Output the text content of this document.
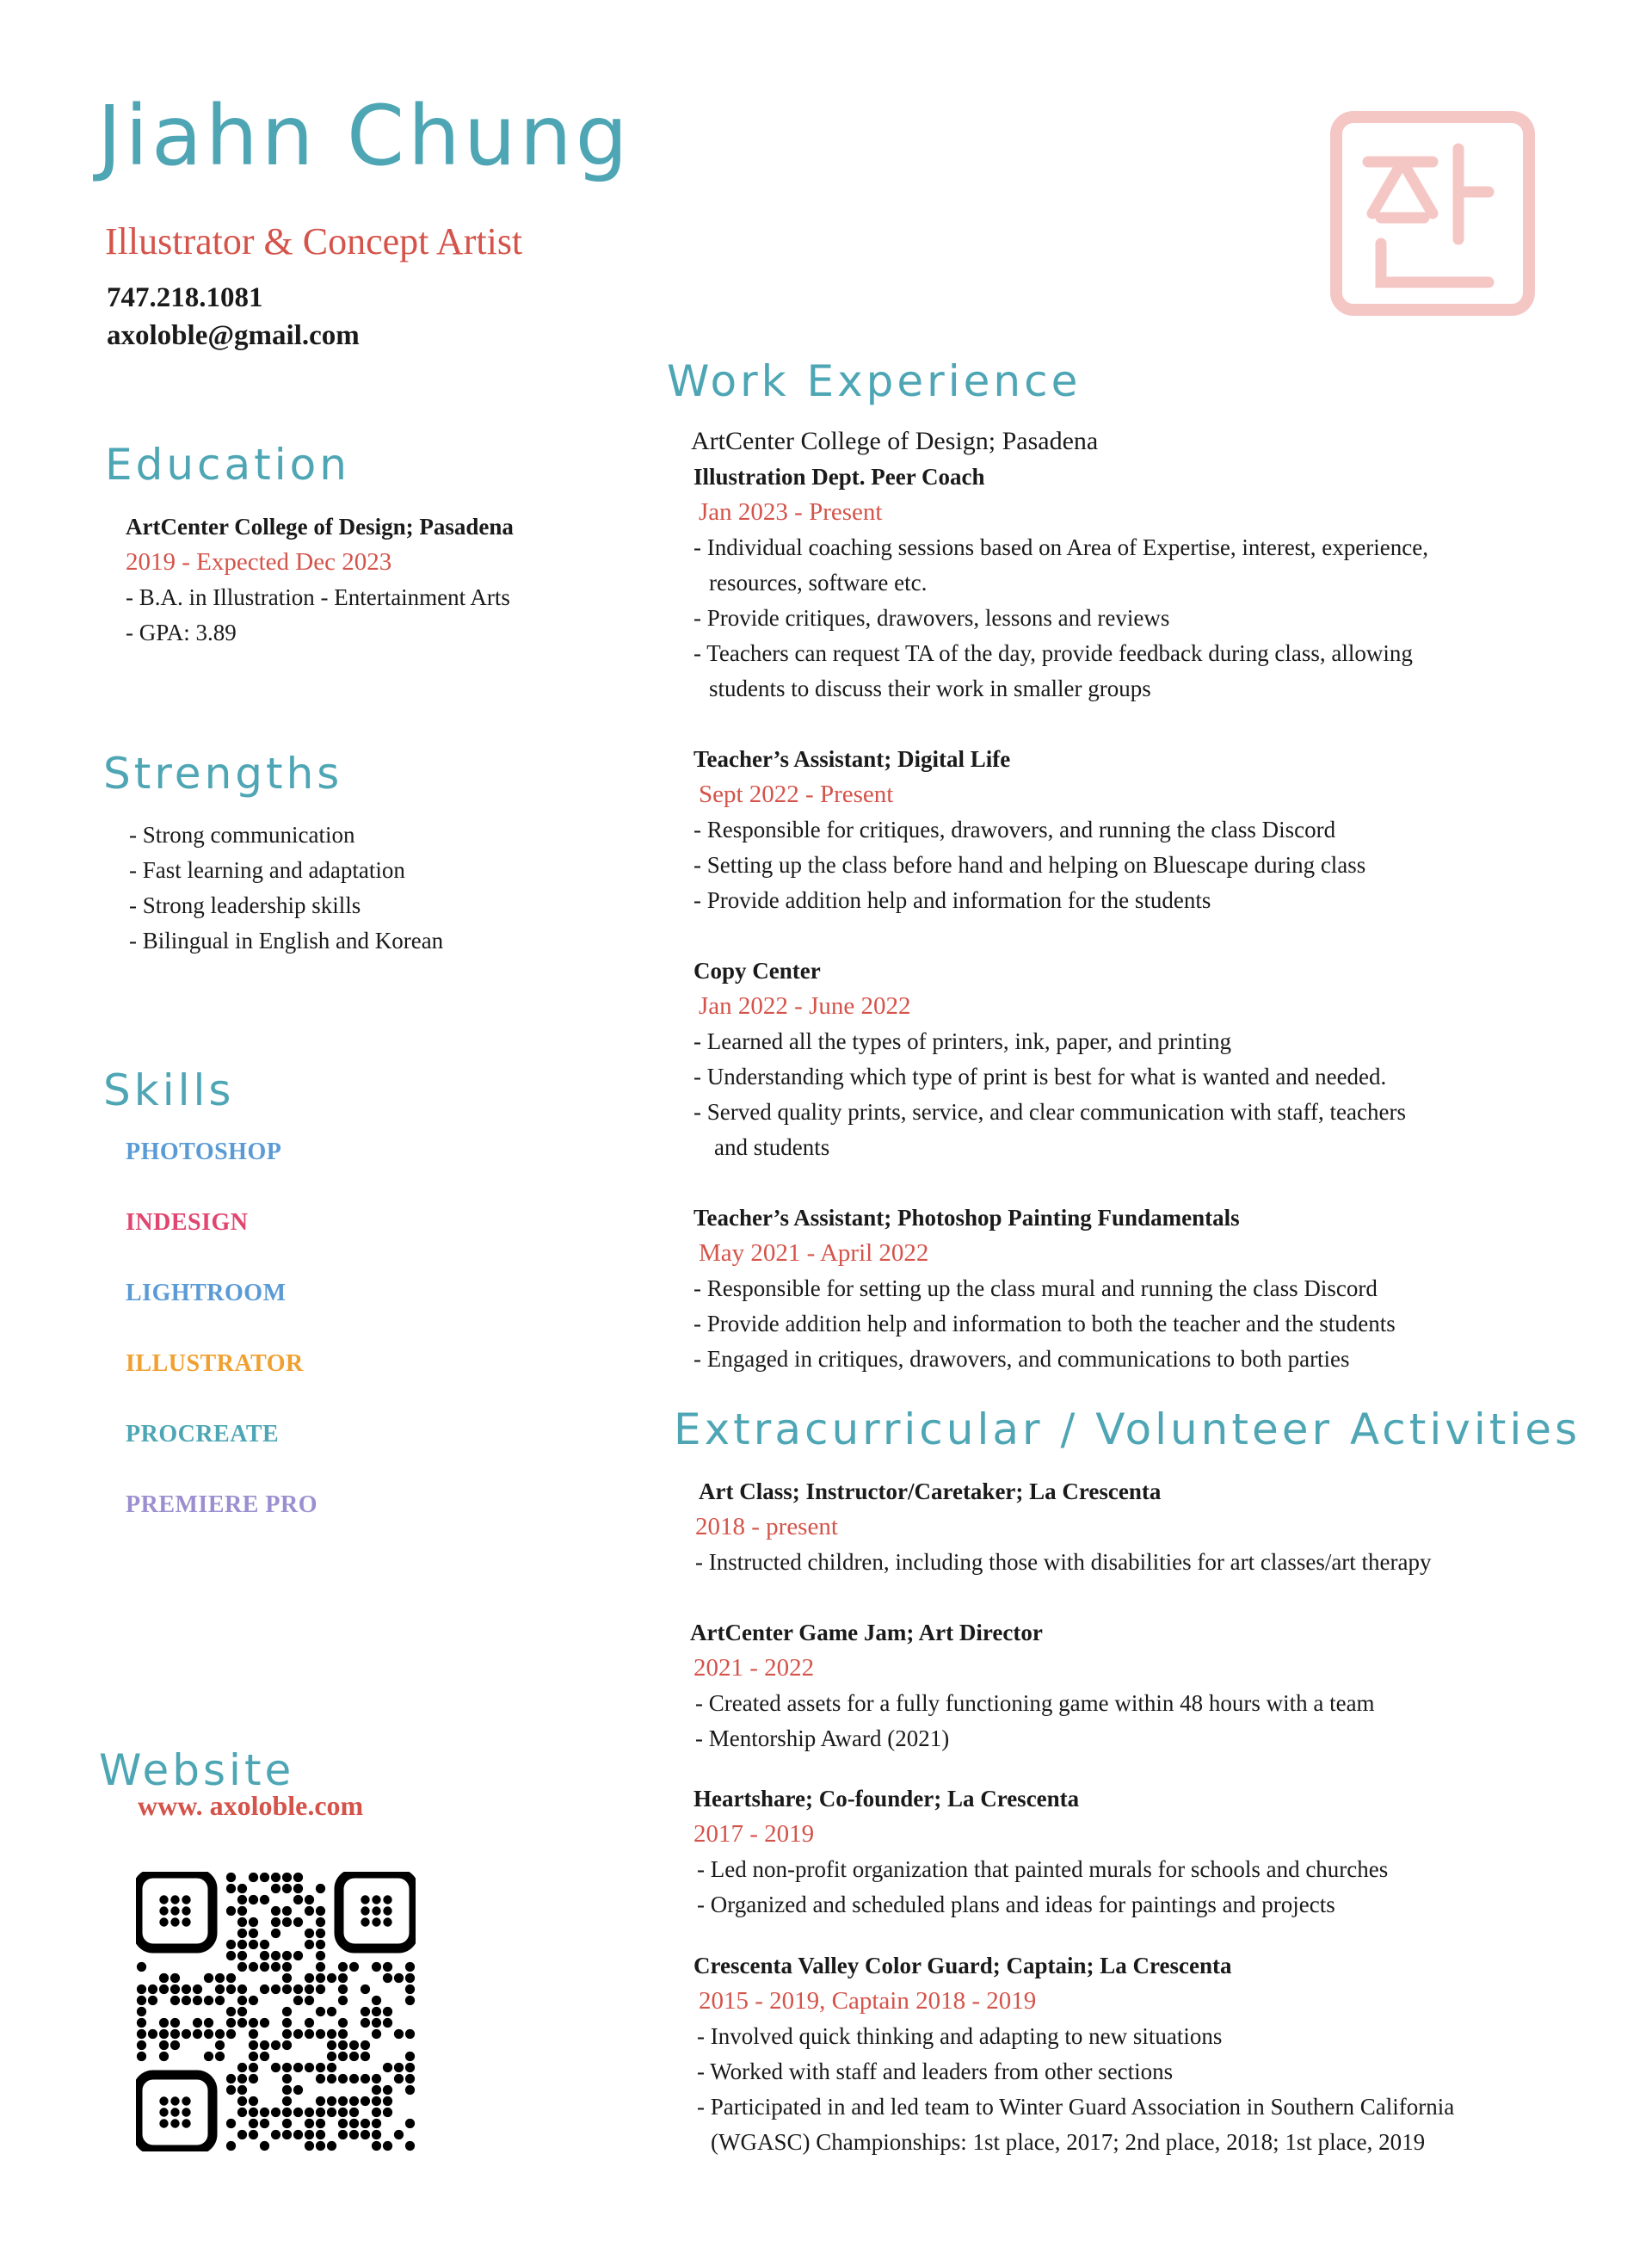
Jiahn Chung
Illustrator & Concept Artist
747.218.1081
axoloble@gmail.com
Education

ArtCenter College of Design; Pasadena

2019 - Expected Dec 2023

- B.A. in Illustration - Entertainment Arts

- GPA: 3.89

Strengths

- Strong communication

- Fast learning and adaptation

- Strong leadership skills

- Bilingual in English and Korean

Skills
PHOTOSHOP
INDESIGN
LIGHTROOM
ILLUSTRATOR
PROCREATE
PREMIERE PRO
Website
www. axoloble.com
Work Experience
ArtCenter College of Design; Pasadena

Illustration Dept. Peer Coach

Jan 2023 - Present

- Individual coaching sessions based on Area of Expertise, interest, experience,

resources, software etc.

- Provide critiques, drawovers, lessons and reviews

- Teachers can request TA of the day, provide feedback during class, allowing

students to discuss their work in smaller groups

Teacher’s Assistant; Digital Life

Sept 2022 - Present

- Responsible for critiques, drawovers, and running the class Discord

- Setting up the class before hand and helping on Bluescape during class

- Provide addition help and information for the students

Copy Center

Jan 2022 - June 2022

- Learned all the types of printers, ink, paper, and printing

- Understanding which type of print is best for what is wanted and needed.

- Served quality prints, service, and clear communication with staff, teachers

and students

Teacher’s Assistant; Photoshop Painting Fundamentals

May 2021 - April 2022

- Responsible for setting up the class mural and running the class Discord

- Provide addition help and information to both the teacher and the students

- Engaged in critiques, drawovers, and communications to both parties

Extracurricular / Volunteer Activities

Art Class; Instructor/Caretaker; La Crescenta

2018 - present

- Instructed children, including those with disabilities for art classes/art therapy

ArtCenter Game Jam; Art Director

2021 - 2022

- Created assets for a fully functioning game within 48 hours with a team

- Mentorship Award (2021)

Heartshare; Co-founder; La Crescenta

2017 - 2019

- Led non-profit organization that painted murals for schools and churches

- Organized and scheduled plans and ideas for paintings and projects

Crescenta Valley Color Guard; Captain; La Crescenta

2015 - 2019, Captain 2018 - 2019

- Involved quick thinking and adapting to new situations

- Worked with staff and leaders from other sections

- Participated in and led team to Winter Guard Association in Southern California

(WGASC) Championships: 1st place, 2017; 2nd place, 2018; 1st place, 2019
